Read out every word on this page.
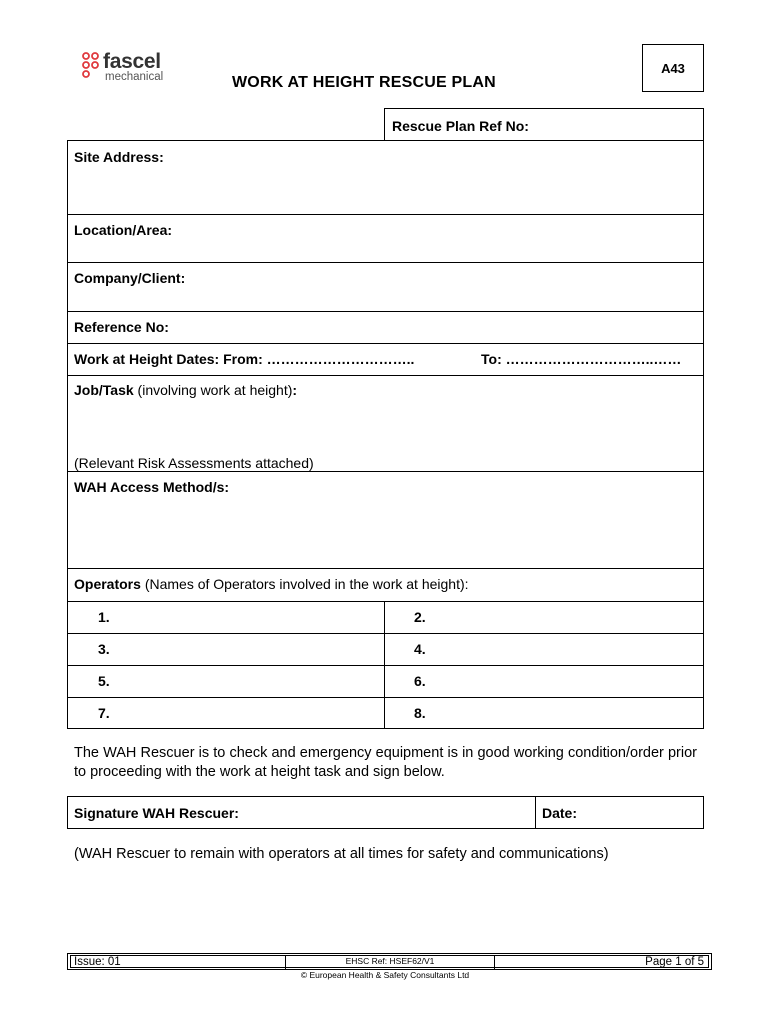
fascel
mechanical
A43
WORK AT HEIGHT RESCUE PLAN
Rescue Plan Ref No:
Site Address:
Location/Area:
Company/Client:
Reference No:
Work at Height Dates: From: …………………………..	To: …………………………..……
Job/Task (involving work at height):
(Relevant Risk Assessments attached)
WAH Access Method/s:
Operators (Names of Operators involved in the work at height):
1.	2.
3.	4.
5.	6.
7.	8.
The WAH Rescuer is to check and emergency equipment is in good working condition/order prior to proceeding with the work at height task and sign below.
Signature WAH Rescuer:	Date:
(WAH Rescuer to remain with operators at all times for safety and communications)
Issue: 01	EHSC Ref: HSEF62/V1	Page 1 of 5
© European Health & Safety Consultants Ltd
